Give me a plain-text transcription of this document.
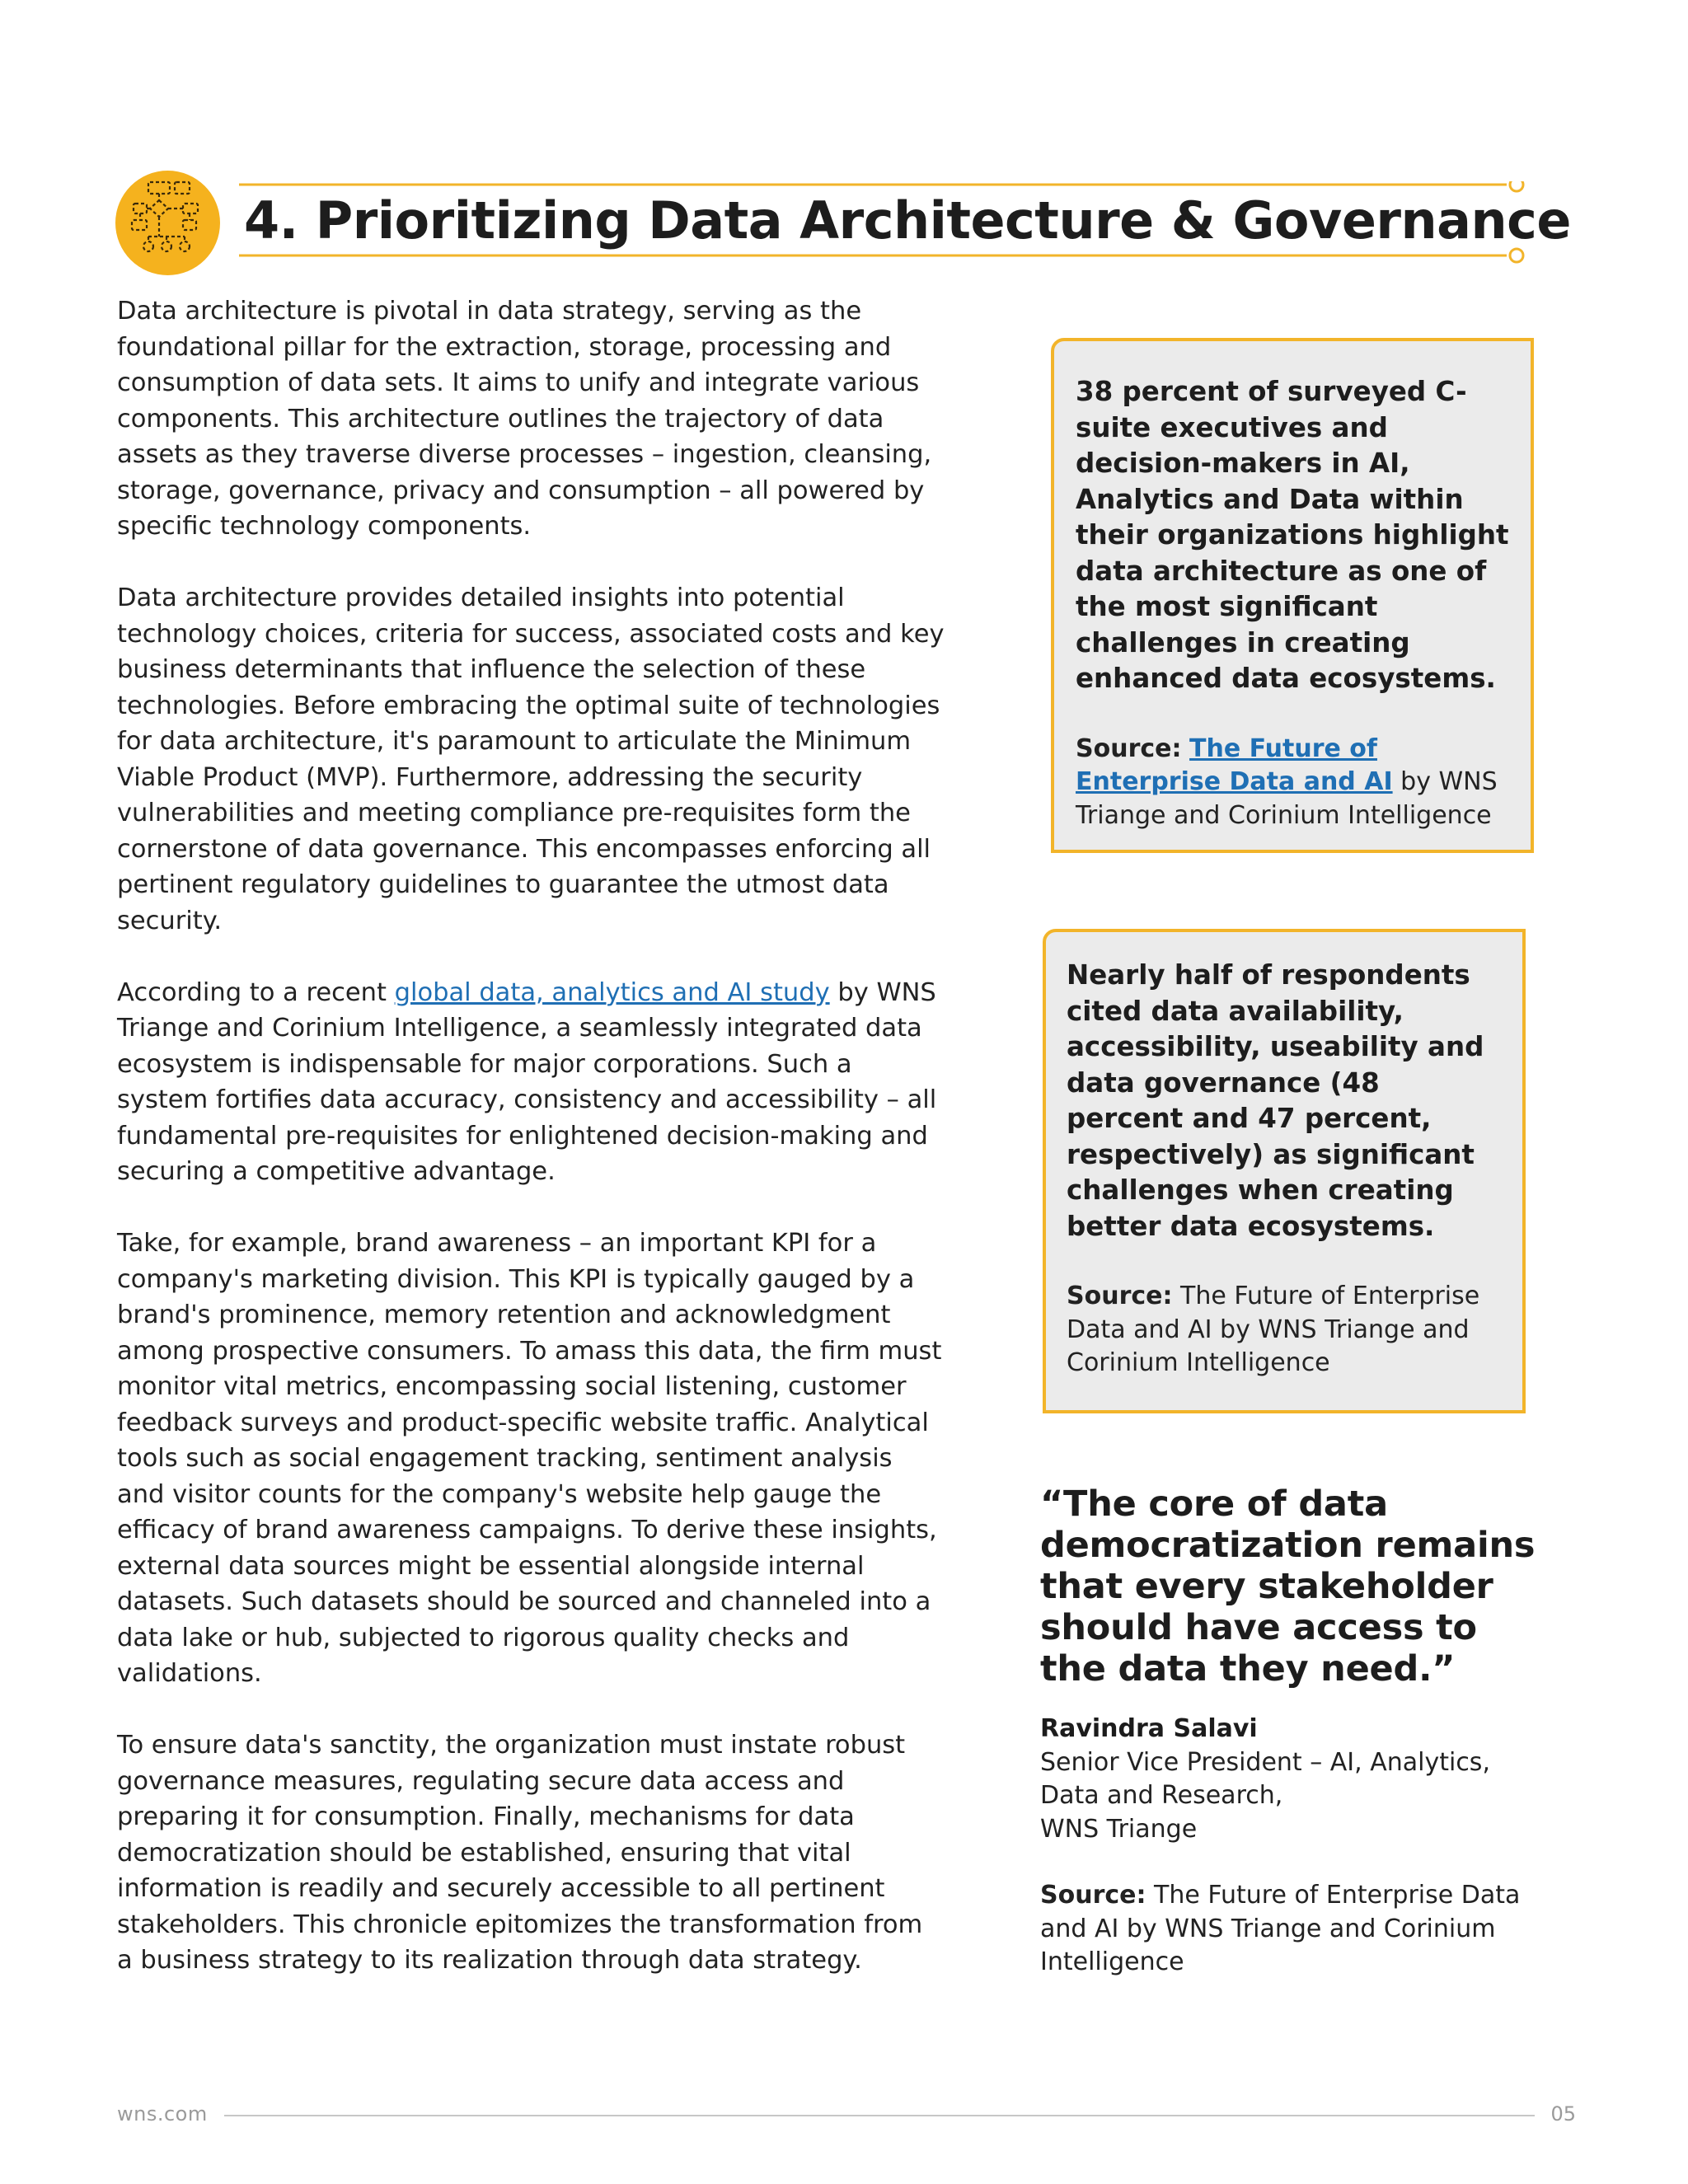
4. Prioritizing Data Architecture & Governance

Data architecture is pivotal in data strategy, serving as the foundational pillar for the extraction, storage, processing and consumption of data sets. It aims to unify and integrate various components. This architecture outlines the trajectory of data assets as they traverse diverse processes – ingestion, cleansing, storage, governance, privacy and consumption – all powered by specific technology components.

Data architecture provides detailed insights into potential technology choices, criteria for success, associated costs and key business determinants that influence the selection of these technologies. Before embracing the optimal suite of technologies for data architecture, it's paramount to articulate the Minimum Viable Product (MVP). Furthermore, addressing the security vulnerabilities and meeting compliance pre-requisites form the cornerstone of data governance. This encompasses enforcing all pertinent regulatory guidelines to guarantee the utmost data security.

According to a recent global data, analytics and AI study by WNS Triange and Corinium Intelligence, a seamlessly integrated data ecosystem is indispensable for major corporations. Such a system fortifies data accuracy, consistency and accessibility – all fundamental pre-requisites for enlightened decision-making and securing a competitive advantage.

Take, for example, brand awareness – an important KPI for a company's marketing division. This KPI is typically gauged by a brand's prominence, memory retention and acknowledgment among prospective consumers. To amass this data, the firm must monitor vital metrics, encompassing social listening, customer feedback surveys and product-specific website traffic. Analytical tools such as social engagement tracking, sentiment analysis and visitor counts for the company's website help gauge the efficacy of brand awareness campaigns. To derive these insights, external data sources might be essential alongside internal datasets. Such datasets should be sourced and channeled into a data lake or hub, subjected to rigorous quality checks and validations.

To ensure data's sanctity, the organization must instate robust governance measures, regulating secure data access and preparing it for consumption. Finally, mechanisms for data democratization should be established, ensuring that vital information is readily and securely accessible to all pertinent stakeholders. This chronicle epitomizes the transformation from a business strategy to its realization through data strategy.

38 percent of surveyed C-suite executives and decision-makers in AI, Analytics and Data within their organizations highlight data architecture as one of the most significant challenges in creating enhanced data ecosystems.

Source: The Future of Enterprise Data and AI by WNS Triange and Corinium Intelligence

Nearly half of respondents cited data availability, accessibility, useability and data governance (48 percent and 47 percent, respectively) as significant challenges when creating better data ecosystems.

Source: The Future of Enterprise Data and AI by WNS Triange and Corinium Intelligence

“The core of data democratization remains that every stakeholder should have access to the data they need.”

Ravindra Salavi

Senior Vice President – AI, Analytics,

Data and Research,

WNS Triange

Source: The Future of Enterprise Data and AI by WNS Triange and Corinium Intelligence

wns.com	05
